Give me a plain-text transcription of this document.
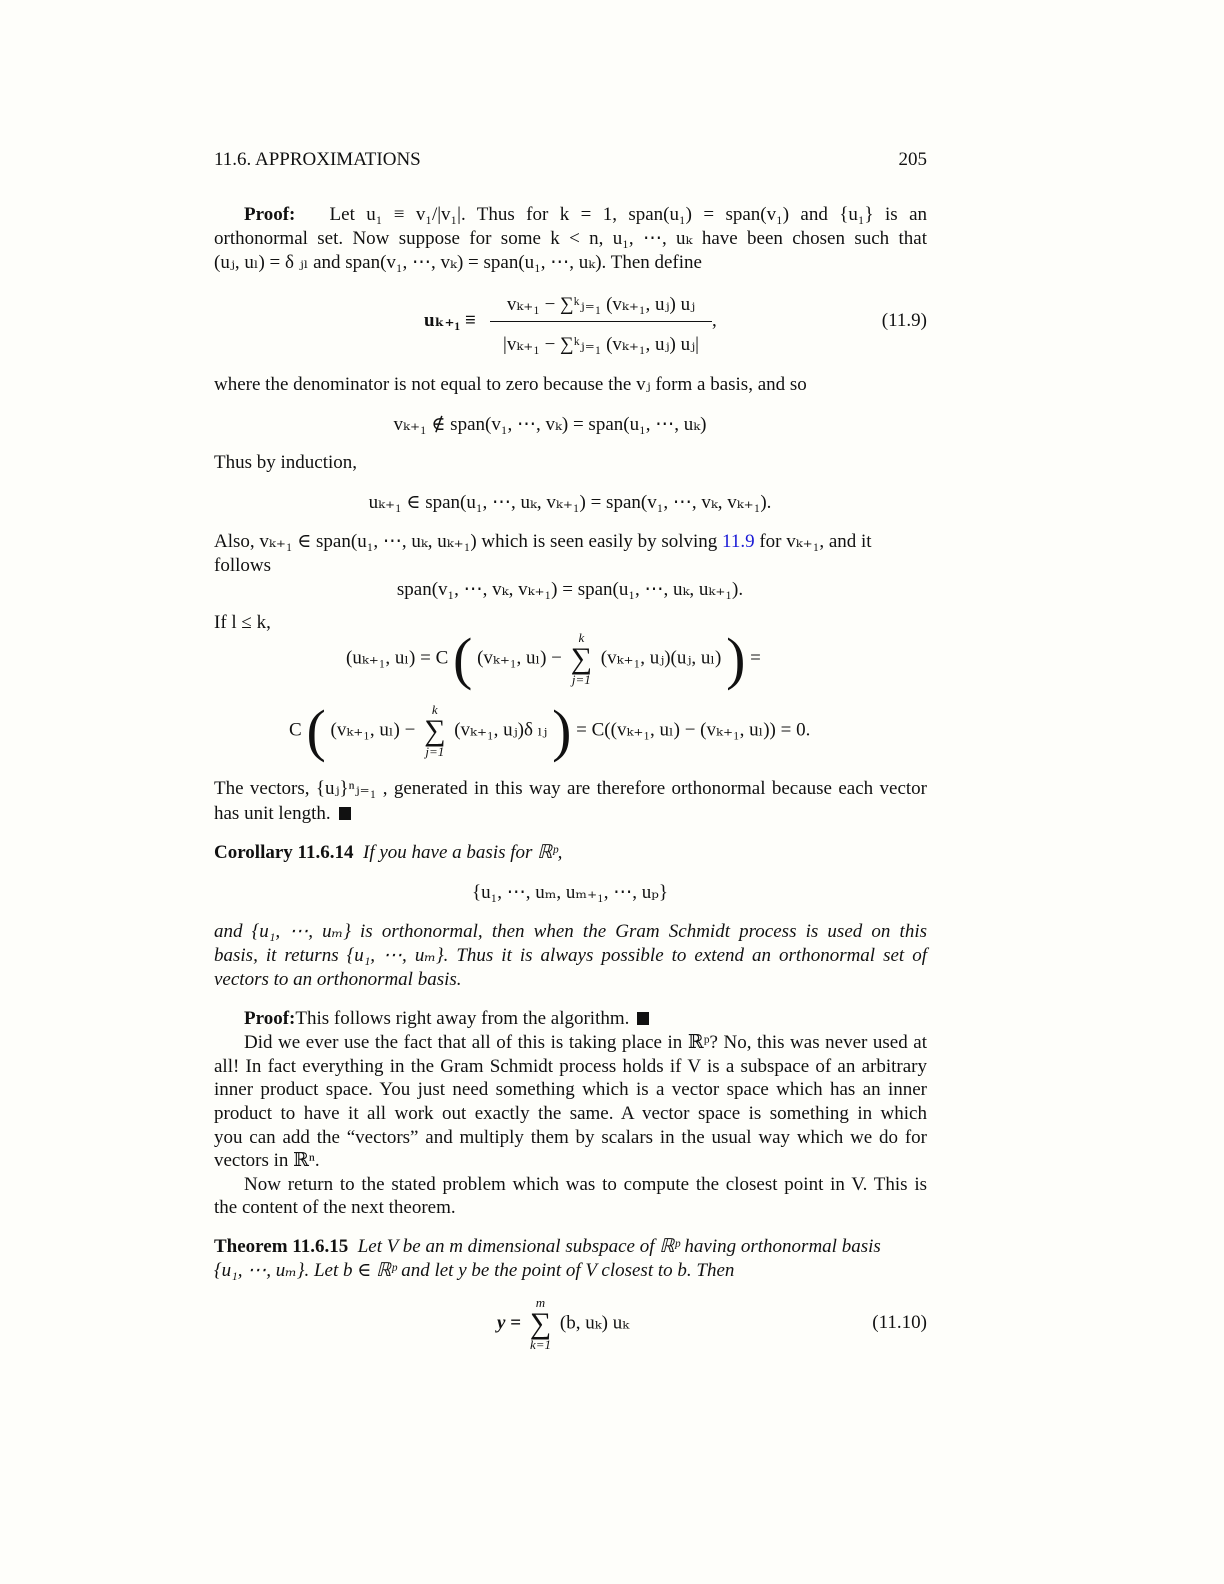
11.6. APPROXIMATIONS	205
Proof: Let u₁ ≡ v₁/|v₁|. Thus for k = 1, span(u₁) = span(v₁) and {u₁} is an
orthonormal set. Now suppose for some k < n, u₁, ⋯, uₖ have been chosen such that
(uⱼ, uₗ) = δ ⱼₗ and span(v₁, ⋯, vₖ) = span(u₁, ⋯, uₖ). Then define
uₖ₊₁ ≡
vₖ₊₁ − ∑ᵏⱼ₌₁ (vₖ₊₁, uⱼ) uⱼ
|vₖ₊₁ − ∑ᵏⱼ₌₁ (vₖ₊₁, uⱼ) uⱼ|
,	(11.9)
where the denominator is not equal to zero because the vⱼ form a basis, and so
vₖ₊₁ ∉ span(v₁, ⋯, vₖ) = span(u₁, ⋯, uₖ)
Thus by induction,
uₖ₊₁ ∈ span(u₁, ⋯, uₖ, vₖ₊₁) = span(v₁, ⋯, vₖ, vₖ₊₁).
Also, vₖ₊₁ ∈ span(u₁, ⋯, uₖ, uₖ₊₁) which is seen easily by solving 11.9 for vₖ₊₁, and it
follows
span(v₁, ⋯, vₖ, vₖ₊₁) = span(u₁, ⋯, uₖ, uₖ₊₁).
If l ≤ k,
(uₖ₊₁, uₗ) = C ( (vₖ₊₁, uₗ) −
k
∑
j=1
(vₖ₊₁, uⱼ)(uⱼ, uₗ) ) =
C ( (vₖ₊₁, uₗ) −
k
∑
j=1
(vₖ₊₁, uⱼ)δ ₗⱼ ) = C((vₖ₊₁, uₗ) − (vₖ₊₁, uₗ)) = 0.
The vectors, {uⱼ}ⁿⱼ₌₁ , generated in this way are therefore orthonormal because each vector
has unit length.
Corollary 11.6.14 If you have a basis for ℝᵖ,
{u₁, ⋯, uₘ, uₘ₊₁, ⋯, uₚ}
and {u₁, ⋯, uₘ} is orthonormal, then when the Gram Schmidt process is used on this
basis, it returns {u₁, ⋯, uₘ}. Thus it is always possible to extend an orthonormal set of
vectors to an orthonormal basis.
Proof:This follows right away from the algorithm.
Did we ever use the fact that all of this is taking place in ℝᵖ? No, this was never used at
all! In fact everything in the Gram Schmidt process holds if V is a subspace of an arbitrary
inner product space. You just need something which is a vector space which has an inner
product to have it all work out exactly the same. A vector space is something in which
you can add the “vectors” and multiply them by scalars in the usual way which we do for
vectors in ℝⁿ.
Now return to the stated problem which was to compute the closest point in V. This is
the content of the next theorem.
Theorem 11.6.15 Let V be an m dimensional subspace of ℝᵖ having orthonormal basis
{u₁, ⋯, uₘ}. Let b ∈ ℝᵖ and let y be the point of V closest to b. Then
y =
m
∑
k=1
(b, uₖ) uₖ	(11.10)
